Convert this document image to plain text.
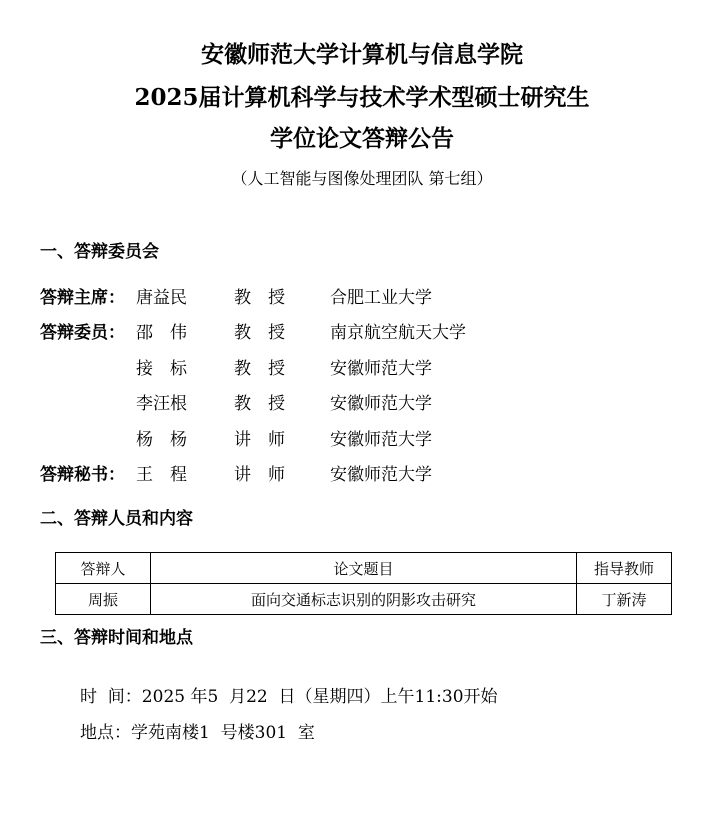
安徽师范大学计算机与信息学院
2025届计算机科学与技术学术型硕士研究生
学位论文答辩公告
（人工智能与图像处理团队 第七组）
一、答辩委员会
答辩主席： 唐益民	教　授	合肥工业大学
答辩委员： 邵　伟	教　授	南京航空航天大学
接　标	教　授	安徽师范大学
李汪根	教　授	安徽师范大学
杨　杨	讲　师	安徽师范大学
答辩秘书： 王　程	讲　师	安徽师范大学
二、答辩人员和内容
答辩人	论文题目	指导教师
周振	面向交通标志识别的阴影攻击研究	丁新涛
三、答辩时间和地点
时  间：2025 年5  月22  日（星期四）上午11:30开始
地点：学苑南楼1  号楼301  室
